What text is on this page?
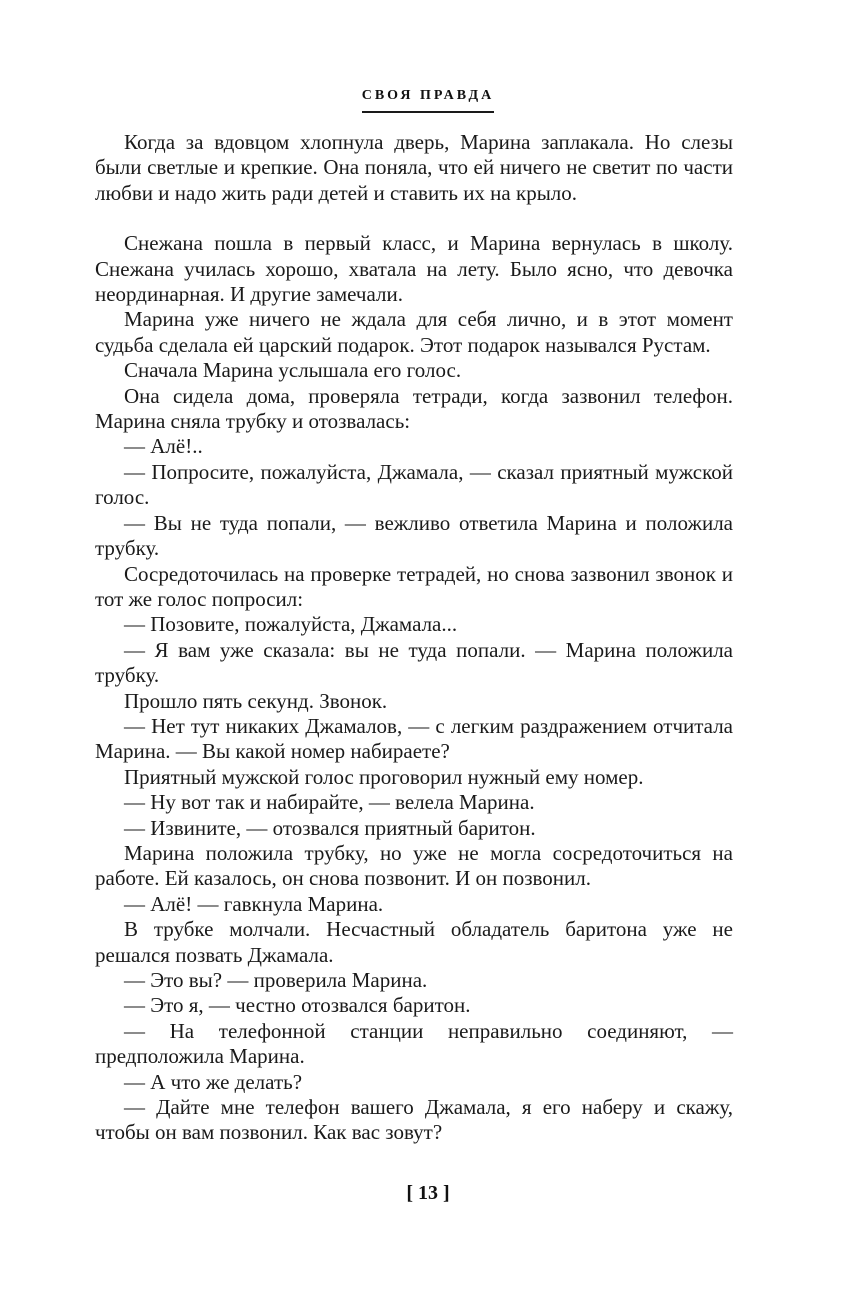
СВОЯ ПРАВДА

Когда за вдовцом хлопнула дверь, Марина заплакала. Но слезы были светлые и крепкие. Она поняла, что ей ничего не светит по части любви и надо жить ради детей и ставить их на крыло.

Снежана пошла в первый класс, и Марина вернулась в школу. Снежана училась хорошо, хватала на лету. Было ясно, что девочка неординарная. И другие замечали.

Марина уже ничего не ждала для себя лично, и в этот момент судьба сделала ей царский подарок. Этот подарок назывался Рустам.

Сначала Марина услышала его голос.

Она сидела дома, проверяла тетради, когда зазвонил телефон. Марина сняла трубку и отозвалась:

— Алё!..

— Попросите, пожалуйста, Джамала, — сказал приятный мужской голос.

— Вы не туда попали, — вежливо ответила Марина и положила трубку.

Сосредоточилась на проверке тетрадей, но снова зазвонил звонок и тот же голос попросил:

— Позовите, пожалуйста, Джамала...

— Я вам уже сказала: вы не туда попали. — Марина положила трубку.

Прошло пять секунд. Звонок.

— Нет тут никаких Джамалов, — с легким раздражением отчитала Марина. — Вы какой номер набираете?

Приятный мужской голос проговорил нужный ему номер.

— Ну вот так и набирайте, — велела Марина.

— Извините, — отозвался приятный баритон.

Марина положила трубку, но уже не могла сосредоточиться на работе. Ей казалось, он снова позвонит. И он позвонил.

— Алё! — гавкнула Марина.

В трубке молчали. Несчастный обладатель баритона уже не решался позвать Джамала.

— Это вы? — проверила Марина.

— Это я, — честно отозвался баритон.

— На телефонной станции неправильно соединяют, — предположила Марина.

— А что же делать?

— Дайте мне телефон вашего Джамала, я его наберу и скажу, чтобы он вам позвонил. Как вас зовут?

[ 13 ]
